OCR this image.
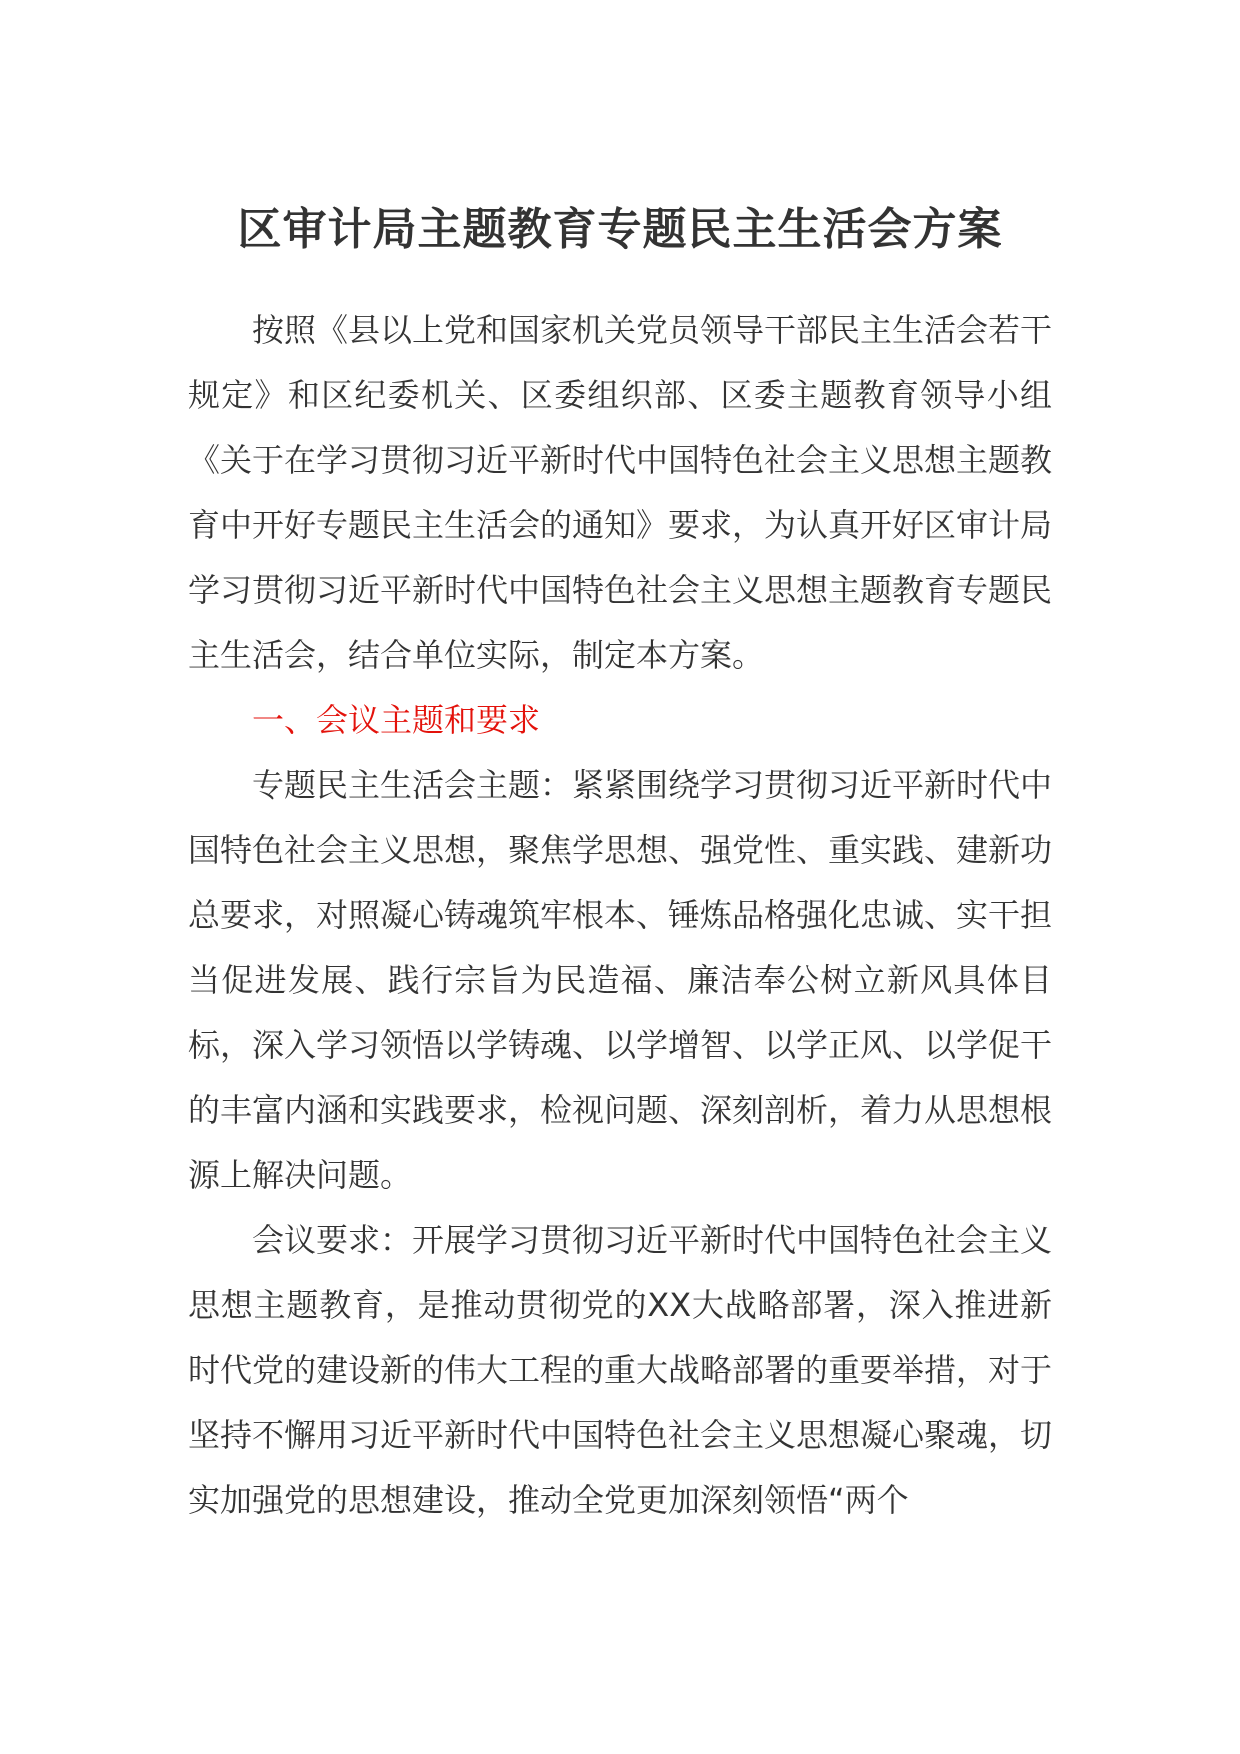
区审计局主题教育专题民主生活会方案

按照《县以上党和国家机关党员领导干部民主生活会若干规定》和区纪委机关、区委组织部、区委主题教育领导小组《关于在学习贯彻习近平新时代中国特色社会主义思想主题教育中开好专题民主生活会的通知》要求，为认真开好区审计局学习贯彻习近平新时代中国特色社会主义思想主题教育专题民主生活会，结合单位实际，制定本方案。

一、会议主题和要求

专题民主生活会主题：紧紧围绕学习贯彻习近平新时代中国特色社会主义思想，聚焦学思想、强党性、重实践、建新功总要求，对照凝心铸魂筑牢根本、锤炼品格强化忠诚、实干担当促进发展、践行宗旨为民造福、廉洁奉公树立新风具体目标，深入学习领悟以学铸魂、以学增智、以学正风、以学促干的丰富内涵和实践要求，检视问题、深刻剖析，着力从思想根源上解决问题。

会议要求：开展学习贯彻习近平新时代中国特色社会主义思想主题教育，是推动贯彻党的XX大战略部署，深入推进新时代党的建设新的伟大工程的重大战略部署的重要举措，对于坚持不懈用习近平新时代中国特色社会主义思想凝心聚魂，切实加强党的思想建设，推动全党更加深刻领悟“两个
